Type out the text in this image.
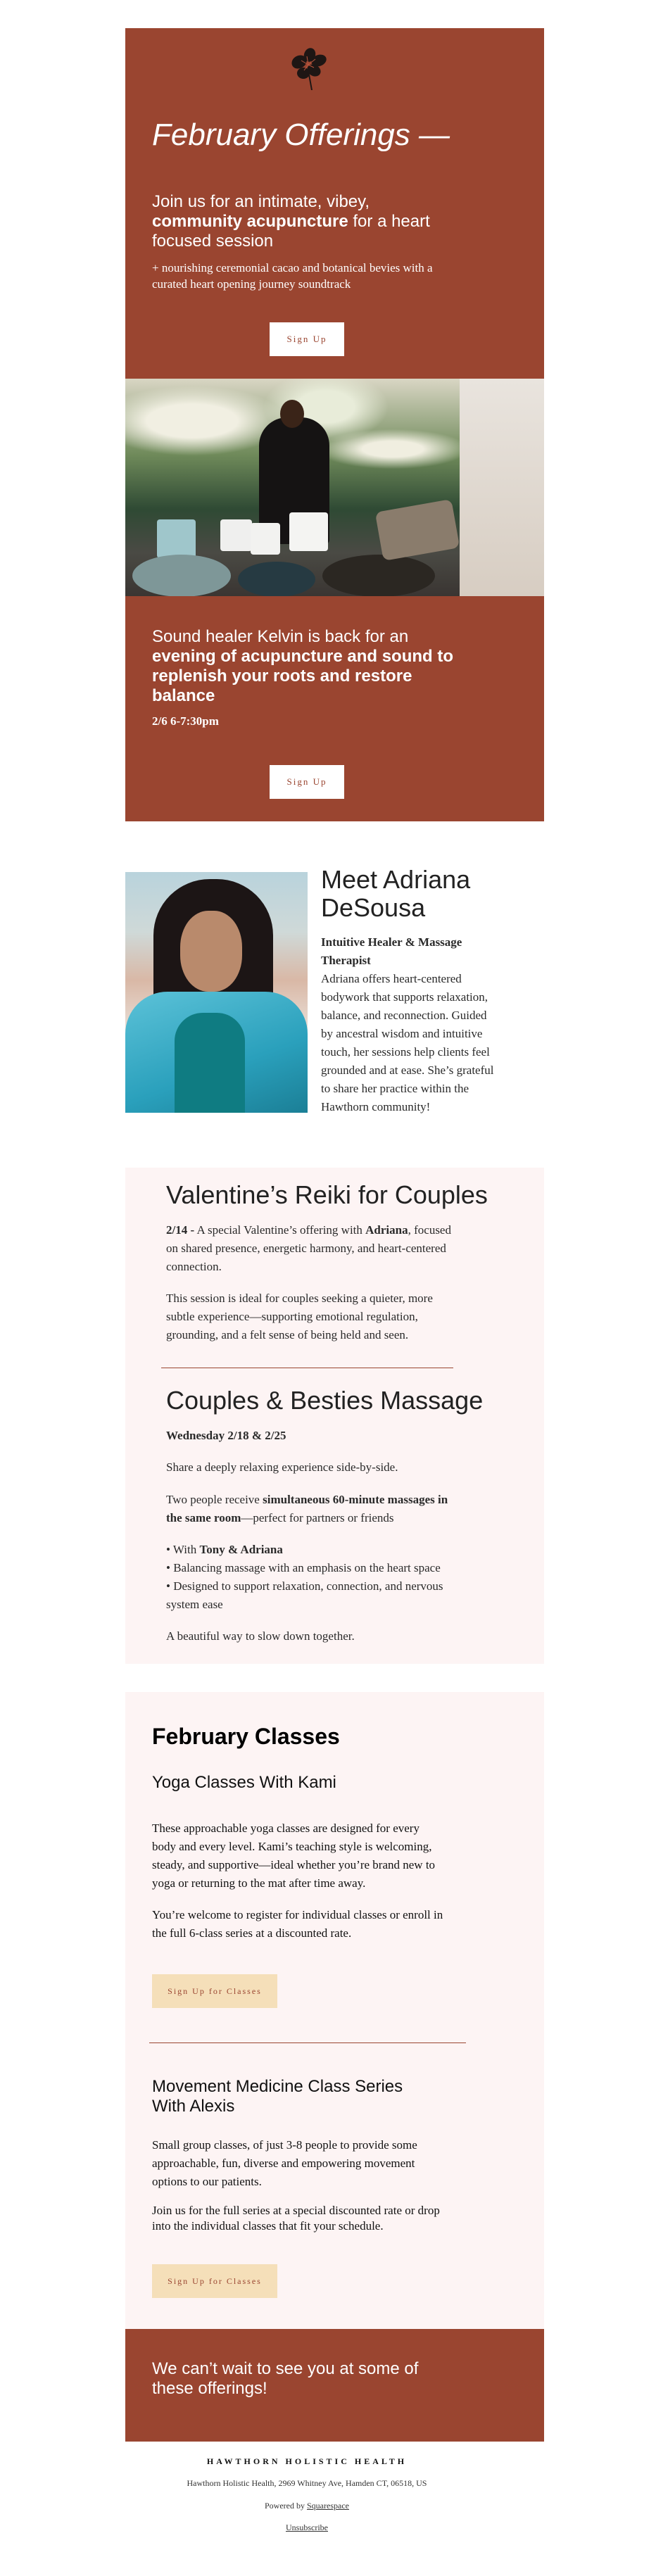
February Offerings —
Join us for an intimate, vibey, community acupuncture for a heart focused session
+ nourishing ceremonial cacao and botanical bevies with a curated heart opening journey soundtrack
Sign Up
Sound healer Kelvin is back for an evening of acupuncture and sound to replenish your roots and restore balance
2/6 6-7:30pm
Sign Up
Meet Adriana DeSousa
Intuitive Healer & Massage Therapist
Adriana offers heart-centered bodywork that supports relaxation, balance, and reconnection. Guided by ancestral wisdom and intuitive touch, her sessions help clients feel grounded and at ease. She’s grateful to share her practice within the Hawthorn community!
Valentine’s Reiki for Couples
2/14 - A special Valentine’s offering with Adriana, focused on shared presence, energetic harmony, and heart-centered connection.
This session is ideal for couples seeking a quieter, more subtle experience—supporting emotional regulation, grounding, and a felt sense of being held and seen.
Couples & Besties Massage
Wednesday 2/18 & 2/25
Share a deeply relaxing experience side-by-side.
Two people receive simultaneous 60-minute massages in the same room—perfect for partners or friends
• With Tony & Adriana
• Balancing massage with an emphasis on the heart space
• Designed to support relaxation, connection, and nervous system ease
A beautiful way to slow down together.
February Classes
Yoga Classes With Kami
These approachable yoga classes are designed for every body and every level. Kami’s teaching style is welcoming, steady, and supportive—ideal whether you’re brand new to yoga or returning to the mat after time away.
You’re welcome to register for individual classes or enroll in the full 6-class series at a discounted rate.
Sign Up for Classes
Movement Medicine Class Series With Alexis
Small group classes, of just 3-8 people to provide some approachable, fun, diverse and empowering movement options to our patients.
Join us for the full series at a special discounted rate or drop into the individual classes that fit your schedule.
Sign Up for Classes
We can’t wait to see you at some of these offerings!
HAWTHORN HOLISTIC HEALTH
Hawthorn Holistic Health, 2969 Whitney Ave, Hamden CT, 06518, US
Powered by Squarespace
Unsubscribe
